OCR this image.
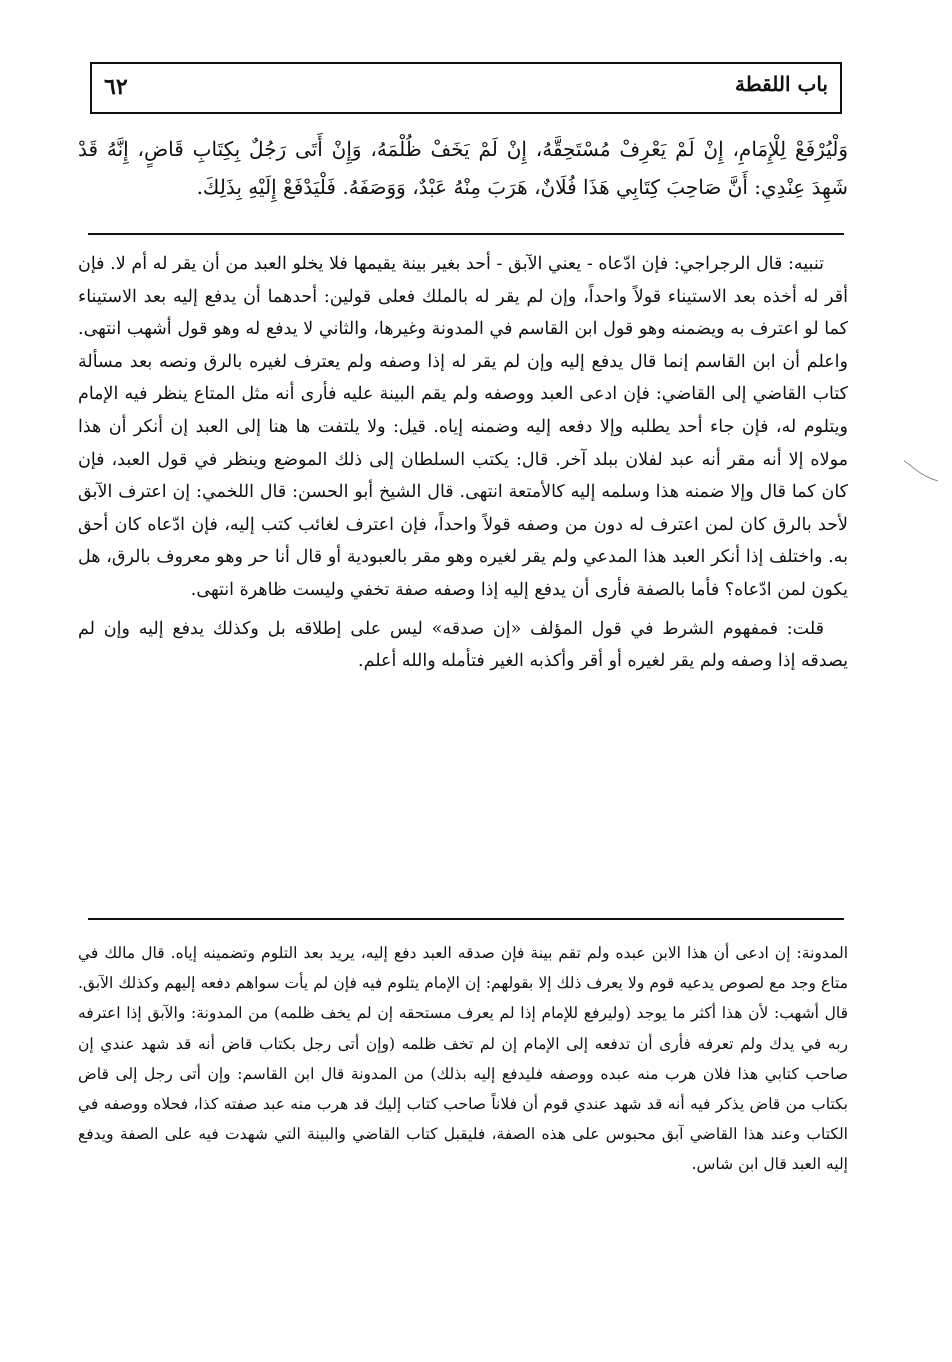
باب اللقطة
٦٢
وَلْيُرْفَعْ لِلْإِمَامِ، إِنْ لَمْ يَعْرِفْ مُسْتَحِقَّهُ، إِنْ لَمْ يَخَفْ ظُلْمَهُ، وَإِنْ أَتَى رَجُلٌ بِكِتَابِ قَاضٍ، إِنَّهُ قَدْ شَهِدَ عِنْدِي: أَنَّ صَاحِبَ كِتَابِي هَذَا فُلَانٌ، هَرَبَ مِنْهُ عَبْدٌ، وَوَصَفَهُ. فَلْيَدْفَعْ إِلَيْهِ بِذَلِكَ.

تنبيه: قال الرجراجي: فإن ادّعاه - يعني الآبق - أحد بغير بينة يقيمها فلا يخلو العبد من أن يقر له أم لا. فإن أقر له أخذه بعد الاستيناء قولاً واحداً، وإن لم يقر له بالملك فعلى قولين: أحدهما أن يدفع إليه بعد الاستيناء كما لو اعترف به ويضمنه وهو قول ابن القاسم في المدونة وغيرها، والثاني لا يدفع له وهو قول أشهب انتهى. واعلم أن ابن القاسم إنما قال يدفع إليه وإن لم يقر له إذا وصفه ولم يعترف لغيره بالرق ونصه بعد مسألة كتاب القاضي إلى القاضي: فإن ادعى العبد ووصفه ولم يقم البينة عليه فأرى أنه مثل المتاع ينظر فيه الإمام ويتلوم له، فإن جاء أحد يطلبه وإلا دفعه إليه وضمنه إياه. قيل: ولا يلتفت ها هنا إلى العبد إن أنكر أن هذا مولاه إلا أنه مقر أنه عبد لفلان ببلد آخر. قال: يكتب السلطان إلى ذلك الموضع وينظر في قول العبد، فإن كان كما قال وإلا ضمنه هذا وسلمه إليه كالأمتعة انتهى. قال الشيخ أبو الحسن: قال اللخمي: إن اعترف الآبق لأحد بالرق كان لمن اعترف له دون من وصفه قولاً واحداً، فإن اعترف لغائب كتب إليه، فإن ادّعاه كان أحق به. واختلف إذا أنكر العبد هذا المدعي ولم يقر لغيره وهو مقر بالعبودية أو قال أنا حر وهو معروف بالرق، هل يكون لمن ادّعاه؟ فأما بالصفة فأرى أن يدفع إليه إذا وصفه صفة تخفي وليست ظاهرة انتهى.

قلت: فمفهوم الشرط في قول المؤلف «إن صدقه» ليس على إطلاقه بل وكذلك يدفع إليه وإن لم يصدقه إذا وصفه ولم يقر لغيره أو أقر وأكذبه الغير فتأمله والله أعلم.

المدونة: إن ادعى أن هذا الابن عبده ولم تقم بينة فإن صدقه العبد دفع إليه، يريد بعد التلوم وتضمينه إياه. قال مالك في متاع وجد مع لصوص يدعيه قوم ولا يعرف ذلك إلا بقولهم: إن الإمام يتلوم فيه فإن لم يأت سواهم دفعه إليهم وكذلك الآبق. قال أشهب: لأن هذا أكثر ما يوجد (وليرفع للإمام إذا لم يعرف مستحقه إن لم يخف ظلمه) من المدونة: والآبق إذا اعترفه ربه في يدك ولم تعرفه فأرى أن تدفعه إلى الإمام إن لم تخف ظلمه (وإن أتى رجل بكتاب قاض أنه قد شهد عندي إن صاحب كتابي هذا فلان هرب منه عبده ووصفه فليدفع إليه بذلك) من المدونة قال ابن القاسم: وإن أتى رجل إلى قاض بكتاب من قاض يذكر فيه أنه قد شهد عندي قوم أن فلاناً صاحب كتاب إليك قد هرب منه عبد صفته كذا، فحلاه ووصفه في الكتاب وعند هذا القاضي آبق محبوس على هذه الصفة، فليقبل كتاب القاضي والبينة التي شهدت فيه على الصفة ويدفع إليه العبد قال ابن شاس.
